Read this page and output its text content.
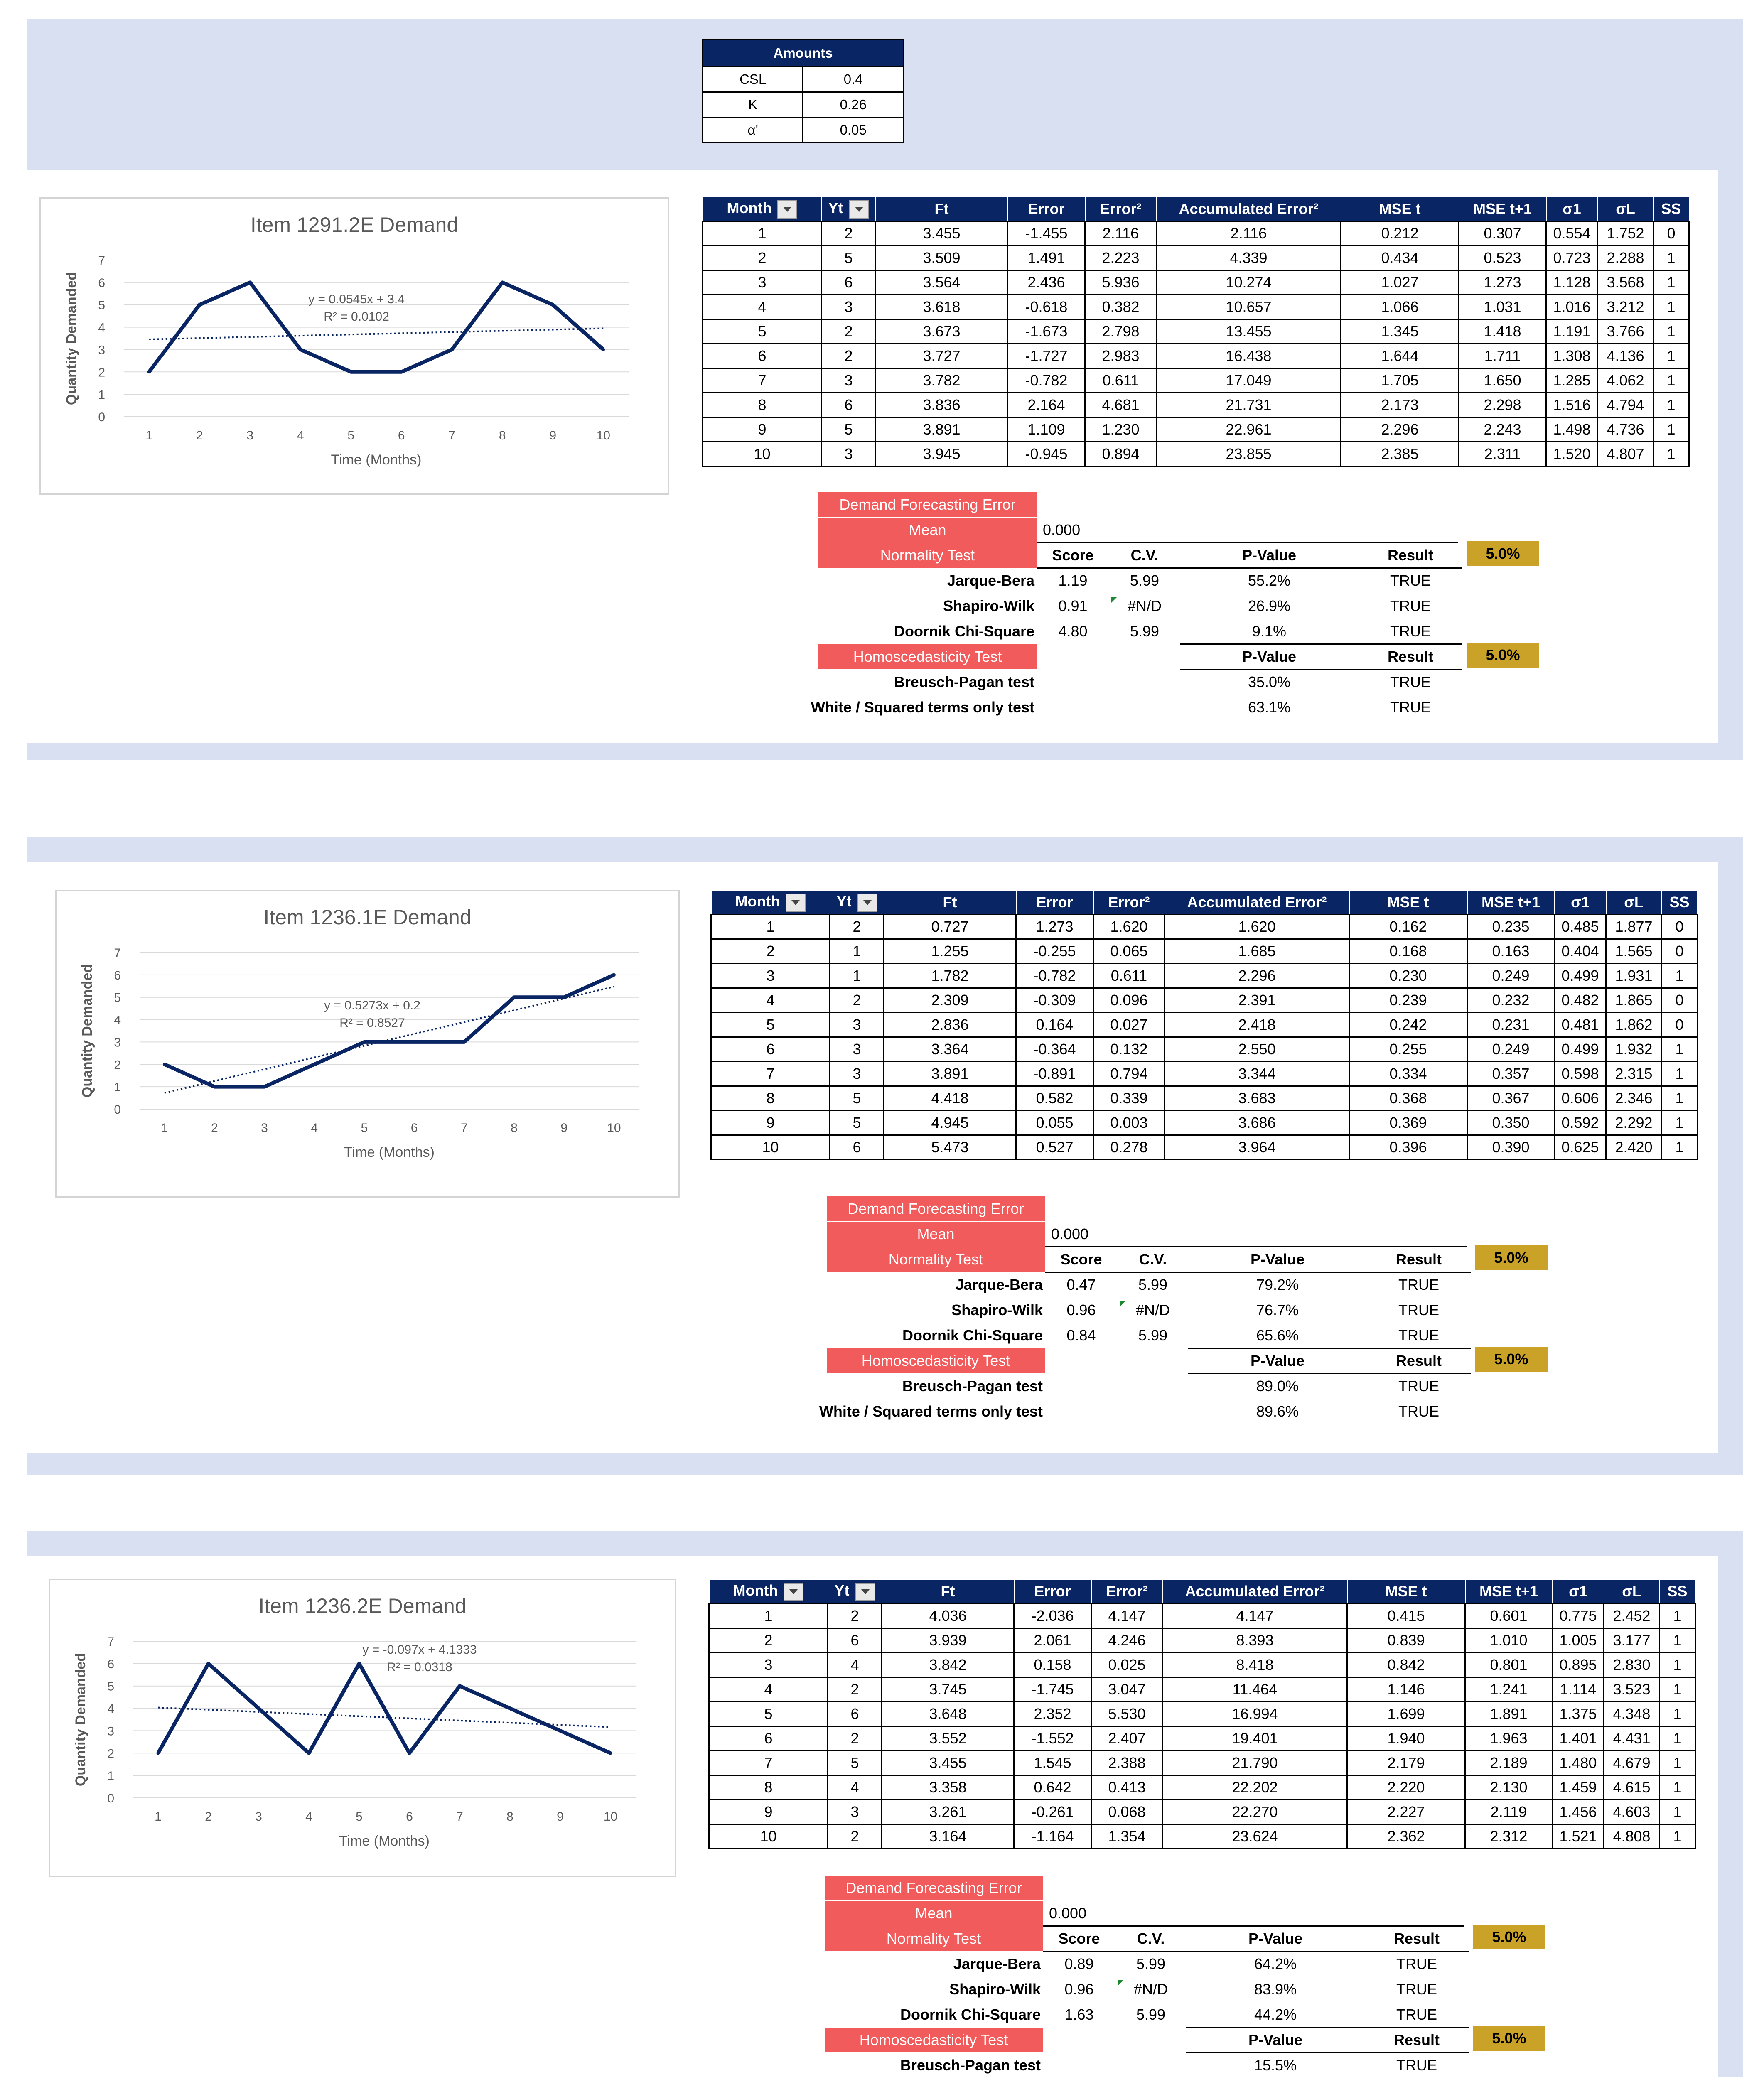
Amounts	
CSL	0.4
K	0.26
α'	0.05
Item 1291.2E Demand
0
1
2
3
4
5
6
7
1	2	3	4	5	6	7	8	9	10
Time (Months)
Quantity Demanded	y = 0.0545x + 3.4
R² = 0.0102
Month	Yt	Ft	Error	Error²	Accumulated Error²	MSE t	MSE t+1	σ1	σL	SS
1	2	3.455	-1.455	2.116	2.116	0.212	0.307	0.554	1.752	0
2	5	3.509	1.491	2.223	4.339	0.434	0.523	0.723	2.288	1
3	6	3.564	2.436	5.936	10.274	1.027	1.273	1.128	3.568	1
4	3	3.618	-0.618	0.382	10.657	1.066	1.031	1.016	3.212	1
5	2	3.673	-1.673	2.798	13.455	1.345	1.418	1.191	3.766	1
6	2	3.727	-1.727	2.983	16.438	1.644	1.711	1.308	4.136	1
7	3	3.782	-0.782	0.611	17.049	1.705	1.650	1.285	4.062	1
8	6	3.836	2.164	4.681	21.731	2.173	2.298	1.516	4.794	1
9	5	3.891	1.109	1.230	22.961	2.296	2.243	1.498	4.736	1
10	3	3.945	-0.945	0.894	23.855	2.385	2.311	1.520	4.807	1
Demand Forecasting Error
Mean
Normality Test
0.000
Score	C.V.	P-Value	Result	5.0%
Jarque-Bera	1.19	5.99	55.2%	TRUE
Shapiro-Wilk	0.91	#N/D	26.9%	TRUE
Doornik Chi-Square	4.80	5.99	9.1%	TRUE
Homoscedasticity Test	P-Value	Result	5.0%
Breusch-Pagan test	35.0%	TRUE
White / Squared terms only test	63.1%	TRUE
Item 1236.1E Demand
0
1
2
3
4
5
6
7
1	2	3	4	5	6	7	8	9	10
Time (Months)
Quantity Demanded	y = 0.5273x + 0.2
R² = 0.8527
Month	Yt	Ft	Error	Error²	Accumulated Error²	MSE t	MSE t+1	σ1	σL	SS
1	2	0.727	1.273	1.620	1.620	0.162	0.235	0.485	1.877	0
2	1	1.255	-0.255	0.065	1.685	0.168	0.163	0.404	1.565	0
3	1	1.782	-0.782	0.611	2.296	0.230	0.249	0.499	1.931	1
4	2	2.309	-0.309	0.096	2.391	0.239	0.232	0.482	1.865	0
5	3	2.836	0.164	0.027	2.418	0.242	0.231	0.481	1.862	0
6	3	3.364	-0.364	0.132	2.550	0.255	0.249	0.499	1.932	1
7	3	3.891	-0.891	0.794	3.344	0.334	0.357	0.598	2.315	1
8	5	4.418	0.582	0.339	3.683	0.368	0.367	0.606	2.346	1
9	5	4.945	0.055	0.003	3.686	0.369	0.350	0.592	2.292	1
10	6	5.473	0.527	0.278	3.964	0.396	0.390	0.625	2.420	1
Demand Forecasting Error
Mean
Normality Test
0.000
Score	C.V.	P-Value	Result	5.0%
Jarque-Bera	0.47	5.99	79.2%	TRUE
Shapiro-Wilk	0.96	#N/D	76.7%	TRUE
Doornik Chi-Square	0.84	5.99	65.6%	TRUE
Homoscedasticity Test	P-Value	Result	5.0%
Breusch-Pagan test	89.0%	TRUE
White / Squared terms only test	89.6%	TRUE
Item 1236.2E Demand
0
1
2
3
4
5
6
7
1	2	3	4	5	6	7	8	9	10
Time (Months)
Quantity Demanded
y = -0.097x + 4.1333
R² = 0.0318
Month	Yt	Ft	Error	Error²	Accumulated Error²	MSE t	MSE t+1	σ1	σL	SS
1	2	4.036	-2.036	4.147	4.147	0.415	0.601	0.775	2.452	1
2	6	3.939	2.061	4.246	8.393	0.839	1.010	1.005	3.177	1
3	4	3.842	0.158	0.025	8.418	0.842	0.801	0.895	2.830	1
4	2	3.745	-1.745	3.047	11.464	1.146	1.241	1.114	3.523	1
5	6	3.648	2.352	5.530	16.994	1.699	1.891	1.375	4.348	1
6	2	3.552	-1.552	2.407	19.401	1.940	1.963	1.401	4.431	1
7	5	3.455	1.545	2.388	21.790	2.179	2.189	1.480	4.679	1
8	4	3.358	0.642	0.413	22.202	2.220	2.130	1.459	4.615	1
9	3	3.261	-0.261	0.068	22.270	2.227	2.119	1.456	4.603	1
10	2	3.164	-1.164	1.354	23.624	2.362	2.312	1.521	4.808	1
Demand Forecasting Error
Mean
Normality Test
0.000
Score	C.V.	P-Value	Result	5.0%
Jarque-Bera	0.89	5.99	64.2%	TRUE
Shapiro-Wilk	0.96	#N/D	83.9%	TRUE
Doornik Chi-Square	1.63	5.99	44.2%	TRUE
Homoscedasticity Test	P-Value	Result	5.0%
Breusch-Pagan test	15.5%	TRUE
